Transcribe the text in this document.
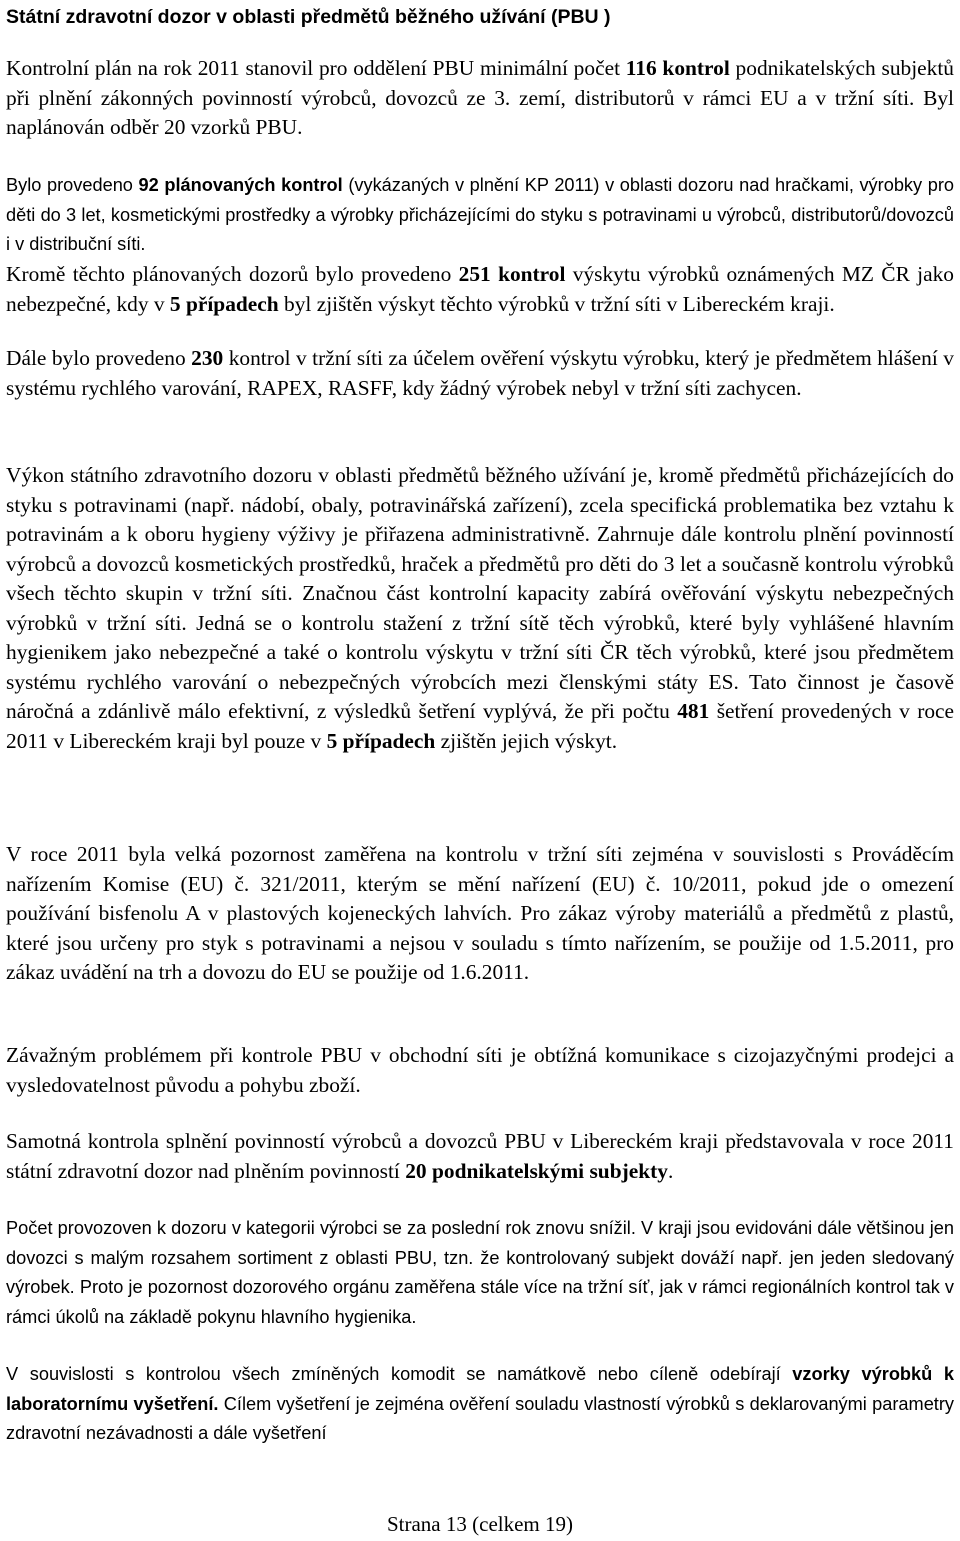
Státní zdravotní dozor v oblasti předmětů běžného užívání (PBU )

Kontrolní plán na rok 2011 stanovil pro oddělení PBU minimální počet 116 kontrol podnikatelských subjektů při plnění zákonných povinností výrobců, dovozců ze 3. zemí, distributorů v rámci EU a v tržní síti. Byl naplánován odběr 20 vzorků PBU.

Bylo provedeno 92 plánovaných kontrol (vykázaných v plnění KP 2011) v oblasti dozoru nad hračkami, výrobky pro děti do 3 let, kosmetickými prostředky a výrobky přicházejícími do styku s potravinami u výrobců, distributorů/dovozců i v distribuční síti.

Kromě těchto plánovaných dozorů bylo provedeno 251 kontrol výskytu výrobků oznámených MZ ČR jako nebezpečné, kdy v 5 případech byl zjištěn výskyt těchto výrobků v tržní síti v Libereckém kraji.

Dále bylo provedeno 230 kontrol v tržní síti za účelem ověření výskytu výrobku, který je předmětem hlášení v systému rychlého varování, RAPEX, RASFF, kdy žádný výrobek nebyl v tržní síti zachycen.

Výkon státního zdravotního dozoru v oblasti předmětů běžného užívání je, kromě předmětů přicházejících do styku s potravinami (např. nádobí, obaly, potravinářská zařízení), zcela specifická problematika bez vztahu k potravinám a k oboru hygieny výživy je přiřazena administrativně. Zahrnuje dále kontrolu plnění povinností výrobců a dovozců kosmetických prostředků, hraček a předmětů pro děti do 3 let a současně kontrolu výrobků všech těchto skupin v tržní síti. Značnou část kontrolní kapacity zabírá ověřování výskytu nebezpečných výrobků v tržní síti. Jedná se o kontrolu stažení z tržní sítě těch výrobků, které byly vyhlášené hlavním hygienikem jako nebezpečné a také o kontrolu výskytu v tržní síti ČR těch výrobků, které jsou předmětem systému rychlého varování o nebezpečných výrobcích mezi členskými státy ES. Tato činnost je časově náročná a zdánlivě málo efektivní, z výsledků šetření vyplývá, že při počtu 481 šetření provedených v roce 2011 v Libereckém kraji byl pouze v 5 případech zjištěn jejich výskyt.

V roce 2011 byla velká pozornost zaměřena na kontrolu v tržní síti zejména v souvislosti s Prováděcím nařízením Komise (EU) č. 321/2011, kterým se mění nařízení (EU) č. 10/2011, pokud jde o omezení používání bisfenolu A v plastových kojeneckých lahvích. Pro zákaz výroby materiálů a předmětů z plastů, které jsou určeny pro styk s potravinami a nejsou v souladu s tímto nařízením, se použije od 1.5.2011, pro zákaz uvádění na trh a dovozu do EU se použije od 1.6.2011.

Závažným problémem při kontrole PBU v obchodní síti je obtížná komunikace s cizojazyčnými prodejci a vysledovatelnost původu a pohybu zboží.

Samotná kontrola splnění povinností výrobců a dovozců PBU v Libereckém kraji představovala v roce 2011 státní zdravotní dozor nad plněním povinností 20 podnikatelskými subjekty.

Počet provozoven k dozoru v kategorii výrobci se za poslední rok znovu snížil. V kraji jsou evidováni dále většinou jen dovozci s malým rozsahem sortiment z oblasti PBU, tzn. že kontrolovaný subjekt dováží např. jen jeden sledovaný výrobek. Proto je pozornost dozorového orgánu zaměřena stále více na tržní síť, jak v rámci regionálních kontrol tak v rámci úkolů na základě pokynu hlavního hygienika.

V souvislosti s kontrolou všech zmíněných komodit se namátkově nebo cíleně odebírají vzorky výrobků k laboratornímu vyšetření. Cílem vyšetření je zejména ověření souladu vlastností výrobků s deklarovanými parametry zdravotní nezávadnosti a dále vyšetření

Strana 13 (celkem 19)
